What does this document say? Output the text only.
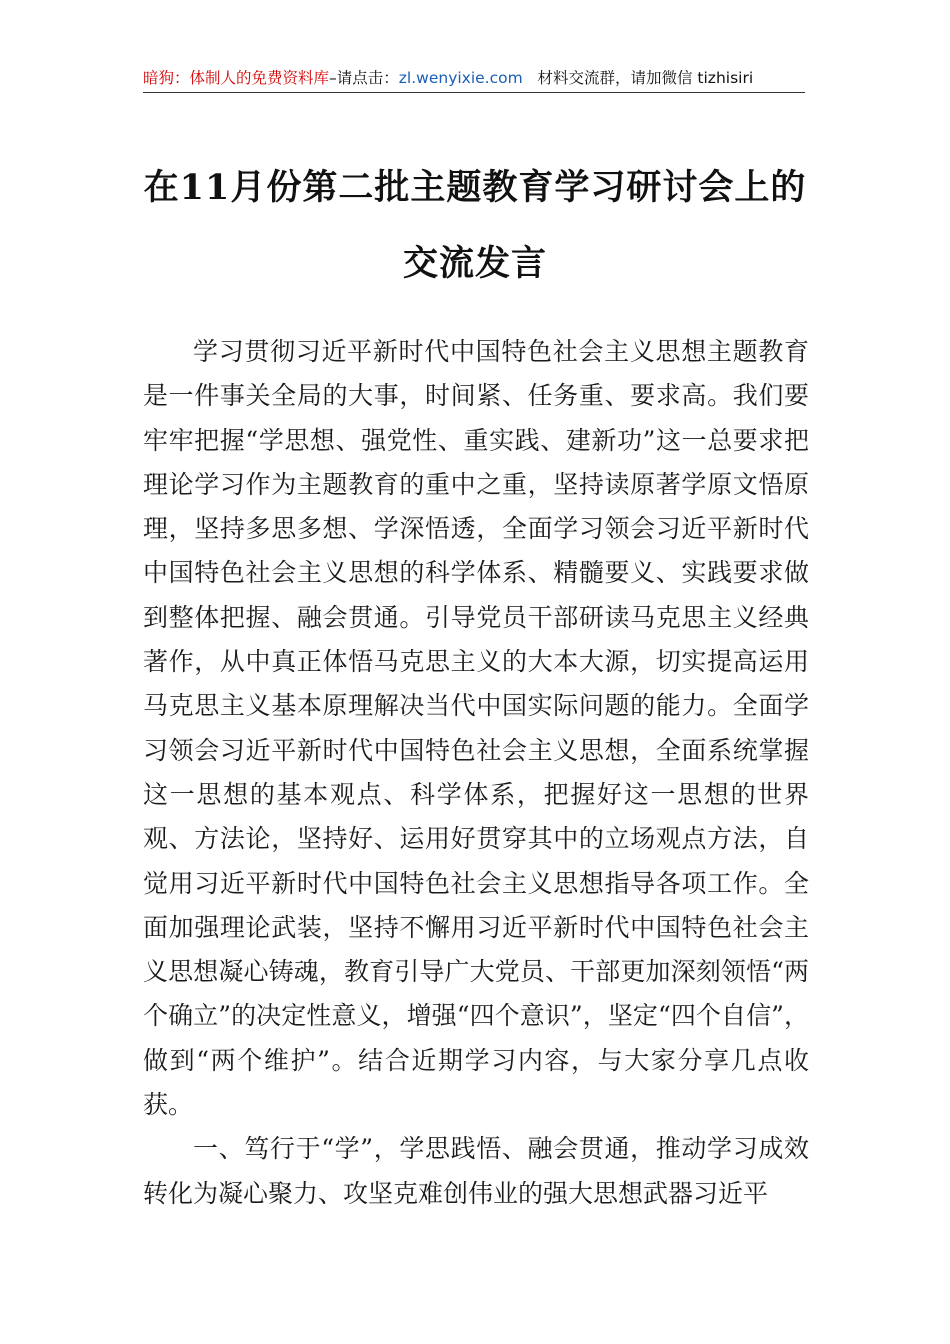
暗狗：体制人的免费资料库–请点击：zl.wenyixie.com 材料交流群，请加微信 tizhisiri
在11月份第二批主题教育学习研讨会上的
交流发言

学习贯彻习近平新时代中国特色社会主义思想主题教育是一件事关全局的大事，时间紧、任务重、要求高。我们要牢牢把握“学思想、强党性、重实践、建新功”这一总要求把理论学习作为主题教育的重中之重，坚持读原著学原文悟原理，坚持多思多想、学深悟透，全面学习领会习近平新时代中国特色社会主义思想的科学体系、精髓要义、实践要求做到整体把握、融会贯通。引导党员干部研读马克思主义经典著作，从中真正体悟马克思主义的大本大源，切实提高运用马克思主义基本原理解决当代中国实际问题的能力。全面学习领会习近平新时代中国特色社会主义思想，全面系统掌握这一思想的基本观点、科学体系，把握好这一思想的世界观、方法论，坚持好、运用好贯穿其中的立场观点方法，自觉用习近平新时代中国特色社会主义思想指导各项工作。全面加强理论武装，坚持不懈用习近平新时代中国特色社会主义思想凝心铸魂，教育引导广大党员、干部更加深刻领悟“两个确立”的决定性意义，增强“四个意识”，坚定“四个自信”，做到“两个维护”。结合近期学习内容，与大家分享几点收获。

一、笃行于“学”，学思践悟、融会贯通，推动学习成效转化为凝心聚力、攻坚克难创伟业的强大思想武器习近平
